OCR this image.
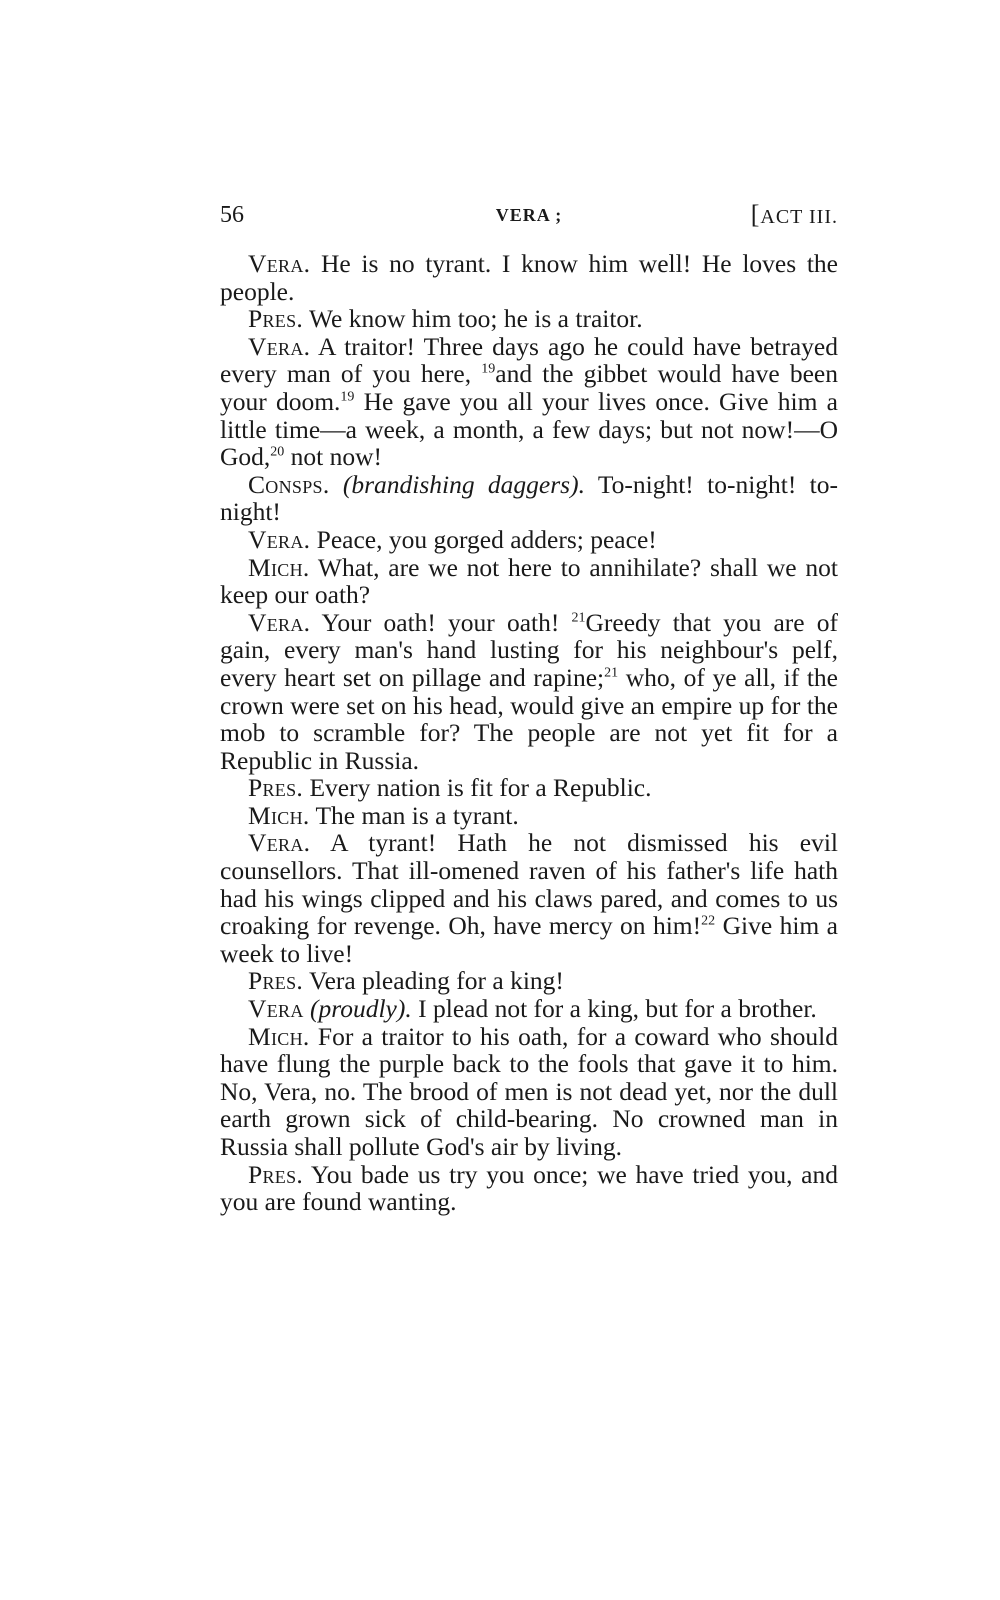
56	VERA ;	[ACT III.

Vera. He is no tyrant. I know him well! He loves the people.

Pres. We know him too; he is a traitor.

Vera. A traitor! Three days ago he could have betrayed every man of you here, $^{19}$and the gibbet would have been your doom.$^{19}$ He gave you all your lives once. Give him a little time—a week, a month, a few days; but not now!—O God,$^{20}$ not now!

Consps. (brandishing daggers). To-night! to-night! to-night!

Vera. Peace, you gorged adders; peace!

Mich. What, are we not here to annihilate? shall we not keep our oath?

Vera. Your oath! your oath! $^{21}$Greedy that you are of gain, every man's hand lusting for his neighbour's pelf, every heart set on pillage and rapine;$^{21}$ who, of ye all, if the crown were set on his head, would give an empire up for the mob to scramble for? The people are not yet fit for a Republic in Russia.

Pres. Every nation is fit for a Republic.

Mich. The man is a tyrant.

Vera. A tyrant! Hath he not dismissed his evil counsellors. That ill-omened raven of his father's life hath had his wings clipped and his claws pared, and comes to us croaking for revenge. Oh, have mercy on him!$^{22}$ Give him a week to live!

Pres. Vera pleading for a king!

Vera (proudly). I plead not for a king, but for a brother.

Mich. For a traitor to his oath, for a coward who should have flung the purple back to the fools that gave it to him. No, Vera, no. The brood of men is not dead yet, nor the dull earth grown sick of child-bearing. No crowned man in Russia shall pollute God's air by living.

Pres. You bade us try you once; we have tried you, and you are found wanting.
